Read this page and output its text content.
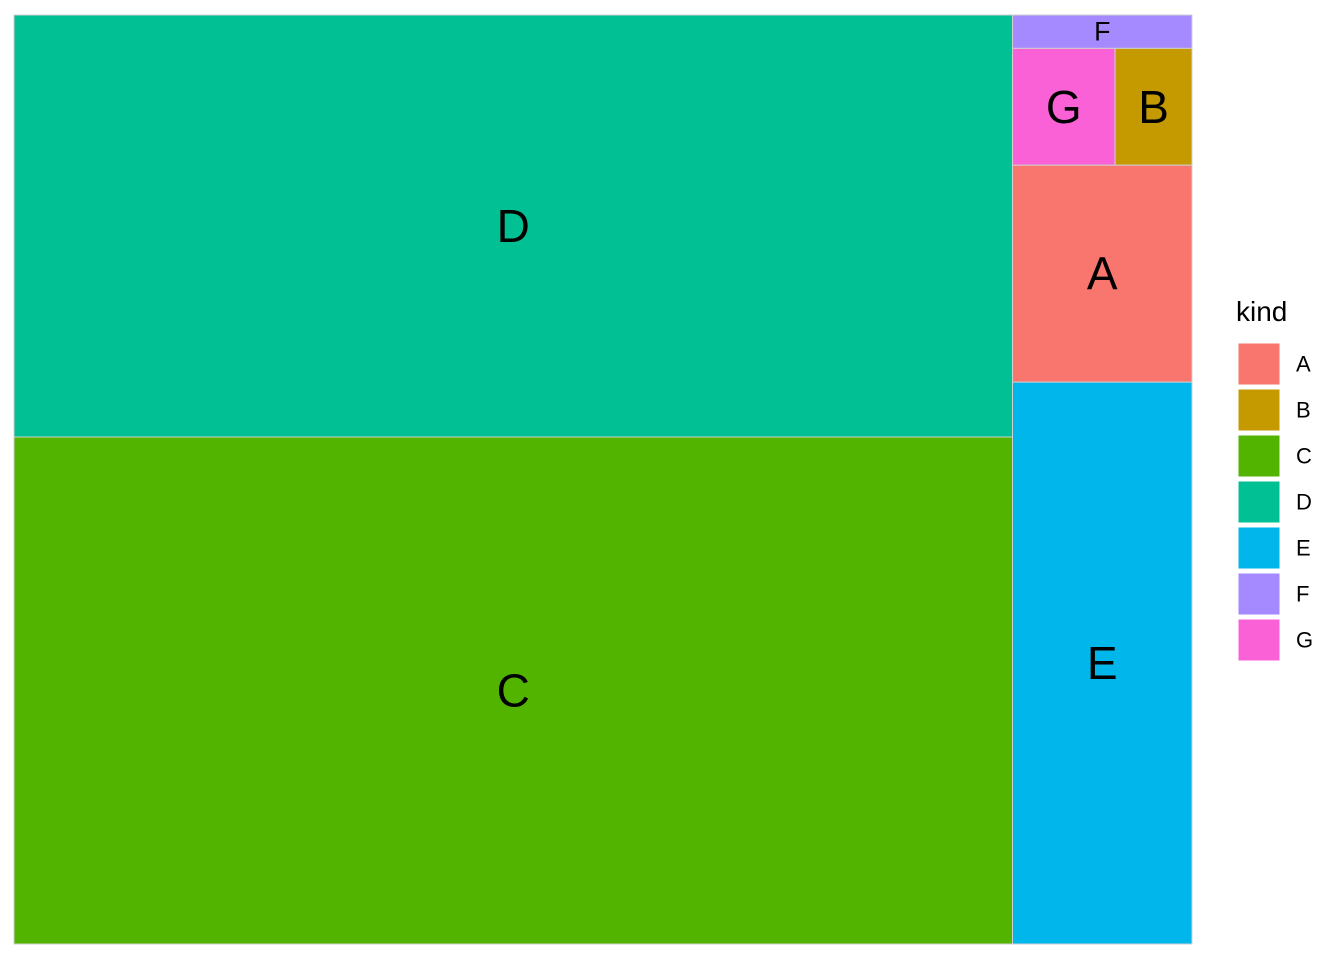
D
C
F
G B
A
E
kind
A
B
C
D
E
F
G
